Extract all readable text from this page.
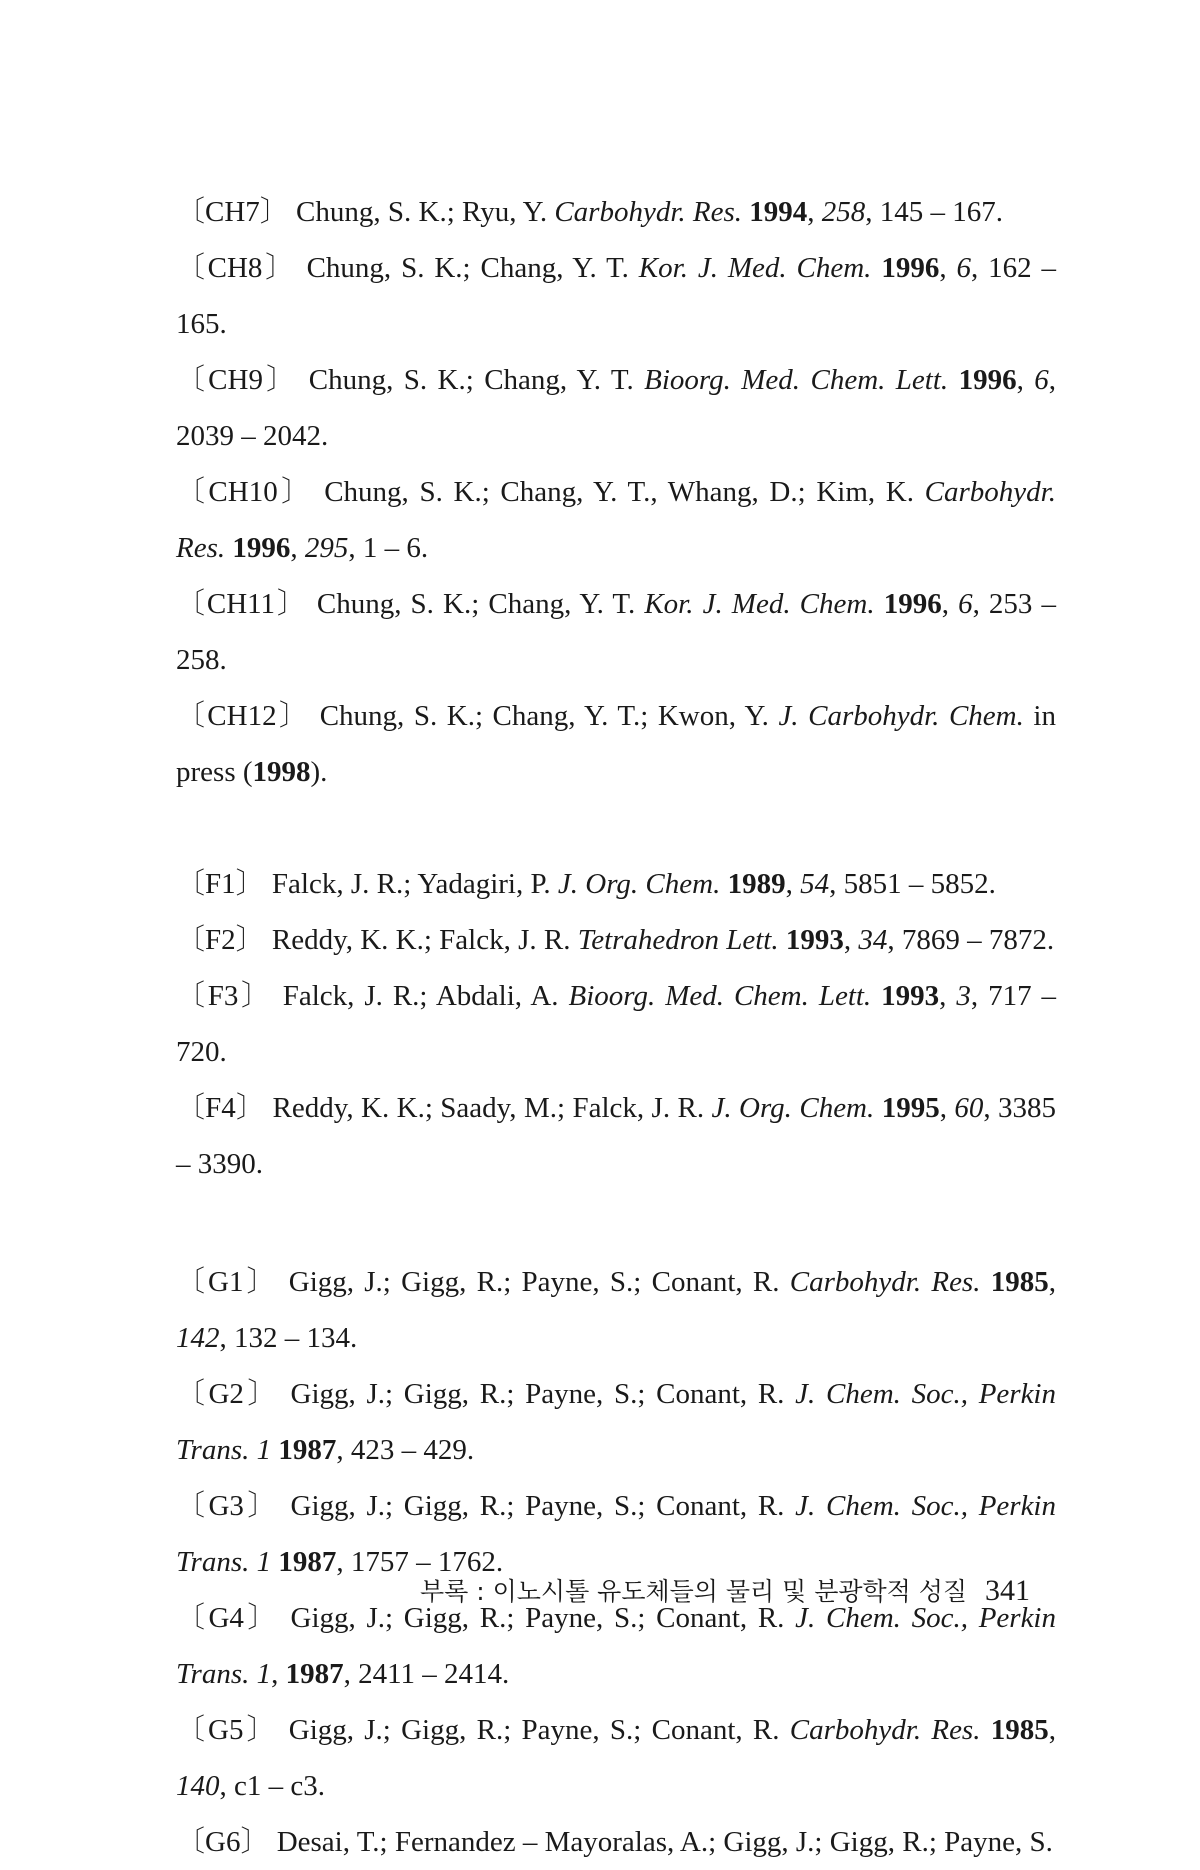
〔CH7〕 Chung, S. K.; Ryu, Y. Carbohydr. Res. 1994, 258, 145 – 167.
〔CH8〕 Chung, S. K.; Chang, Y. T. Kor. J. Med. Chem. 1996, 6, 162 – 165.
〔CH9〕 Chung, S. K.; Chang, Y. T. Bioorg. Med. Chem. Lett. 1996, 6, 2039 – 2042.
〔CH10〕 Chung, S. K.; Chang, Y. T., Whang, D.; Kim, K. Carbohydr. Res. 1996, 295, 1 – 6.
〔CH11〕 Chung, S. K.; Chang, Y. T. Kor. J. Med. Chem. 1996, 6, 253 – 258.
〔CH12〕 Chung, S. K.; Chang, Y. T.; Kwon, Y. J. Carbohydr. Chem. in press (1998).
〔F1〕 Falck, J. R.; Yadagiri, P. J. Org. Chem. 1989, 54, 5851 – 5852.
〔F2〕 Reddy, K. K.; Falck, J. R. Tetrahedron Lett. 1993, 34, 7869 – 7872.
〔F3〕 Falck, J. R.; Abdali, A. Bioorg. Med. Chem. Lett. 1993, 3, 717 – 720.
〔F4〕 Reddy, K. K.; Saady, M.; Falck, J. R. J. Org. Chem. 1995, 60, 3385 – 3390.
〔G1〕 Gigg, J.; Gigg, R.; Payne, S.; Conant, R. Carbohydr. Res. 1985, 142, 132 – 134.
〔G2〕 Gigg, J.; Gigg, R.; Payne, S.; Conant, R. J. Chem. Soc., Perkin Trans. 1 1987, 423 – 429.
〔G3〕 Gigg, J.; Gigg, R.; Payne, S.; Conant, R. J. Chem. Soc., Perkin Trans. 1 1987, 1757 – 1762.
〔G4〕 Gigg, J.; Gigg, R.; Payne, S.; Conant, R. J. Chem. Soc., Perkin Trans. 1, 1987, 2411 – 2414.
〔G5〕 Gigg, J.; Gigg, R.; Payne, S.; Conant, R. Carbohydr. Res. 1985, 140, c1 – c3.
〔G6〕 Desai, T.; Fernandez – Mayoralas, A.; Gigg, J.; Gigg, R.; Payne, S.
부록 : 이노시톨 유도체들의 물리 및 분광학적 성질 341
